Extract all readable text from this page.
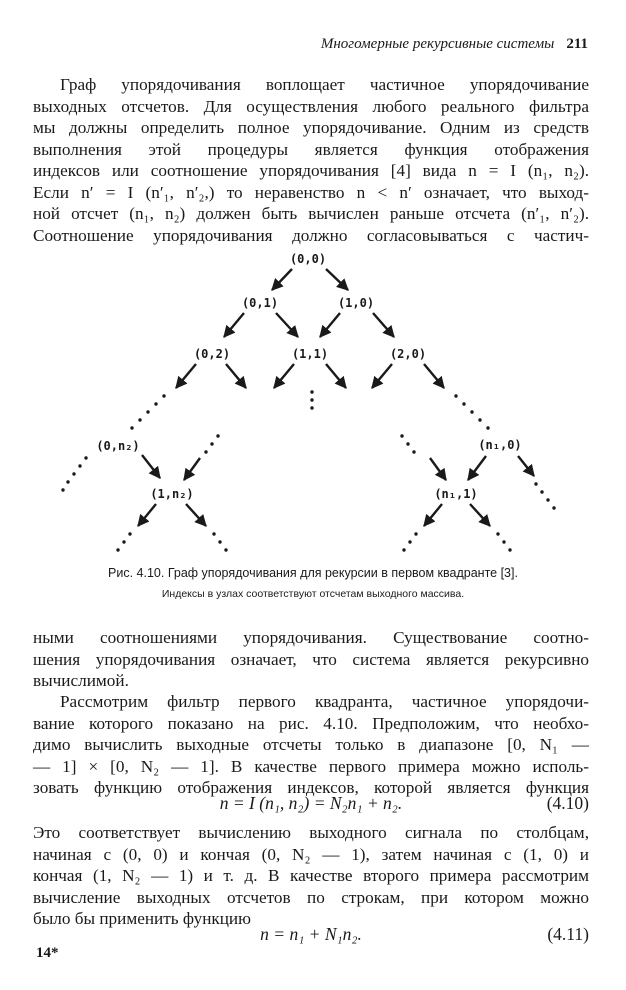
Многомерные рекурсивные системы 211

Граф упорядочивания воплощает частичное упорядочивание
выходных отсчетов. Для осуществления любого реального фильтра
мы должны определить полное упорядочивание. Одним из средств
выполнения этой процедуры является функция отображения
индексов или соотношение упорядочивания [4] вида n = I (n₁, n₂).
Если n′ = I (n′₁, n′₂,) то неравенство n < n′ означает, что выход-
ной отсчет (n₁, n₂) должен быть вычислен раньше отсчета (n′₁, n′₂).
Соотношение упорядочивания должно согласовываться с частич-

(0,0)
(0,1)	(1,0)
(0,2)	(1,1)	(2,0)
(0,n₂)
(1,n₂)
(n₁,0)
(n₁,1)
Рис. 4.10. Граф упорядочивания для рекурсии в первом квадранте [3].
Индексы в узлах соответствуют отсчетам выходного массива.

ными соотношениями упорядочивания. Существование соотно-
шения упорядочивания означает, что система является рекурсивно
вычислимой.

Рассмотрим фильтр первого квадранта, частичное упорядочи-
вание которого показано на рис. 4.10. Предположим, что необхо-
димо вычислить выходные отсчеты только в диапазоне [0, N₁ —
— 1] × [0, N₂ — 1]. В качестве первого примера можно исполь-
зовать функцию отображения индексов, которой является функция

n = I (n₁, n₂) = N₂n₁ + n₂.	(4.10)

Это соответствует вычислению выходного сигнала по столбцам,
начиная с (0, 0) и кончая (0, N₂ — 1), затем начиная с (1, 0) и
кончая (1, N₂ — 1) и т. д. В качестве второго примера рассмотрим
вычисление выходных отсчетов по строкам, при котором можно
было бы применить функцию

n = n₁ + N₁n₂.	(4.11)
14*
